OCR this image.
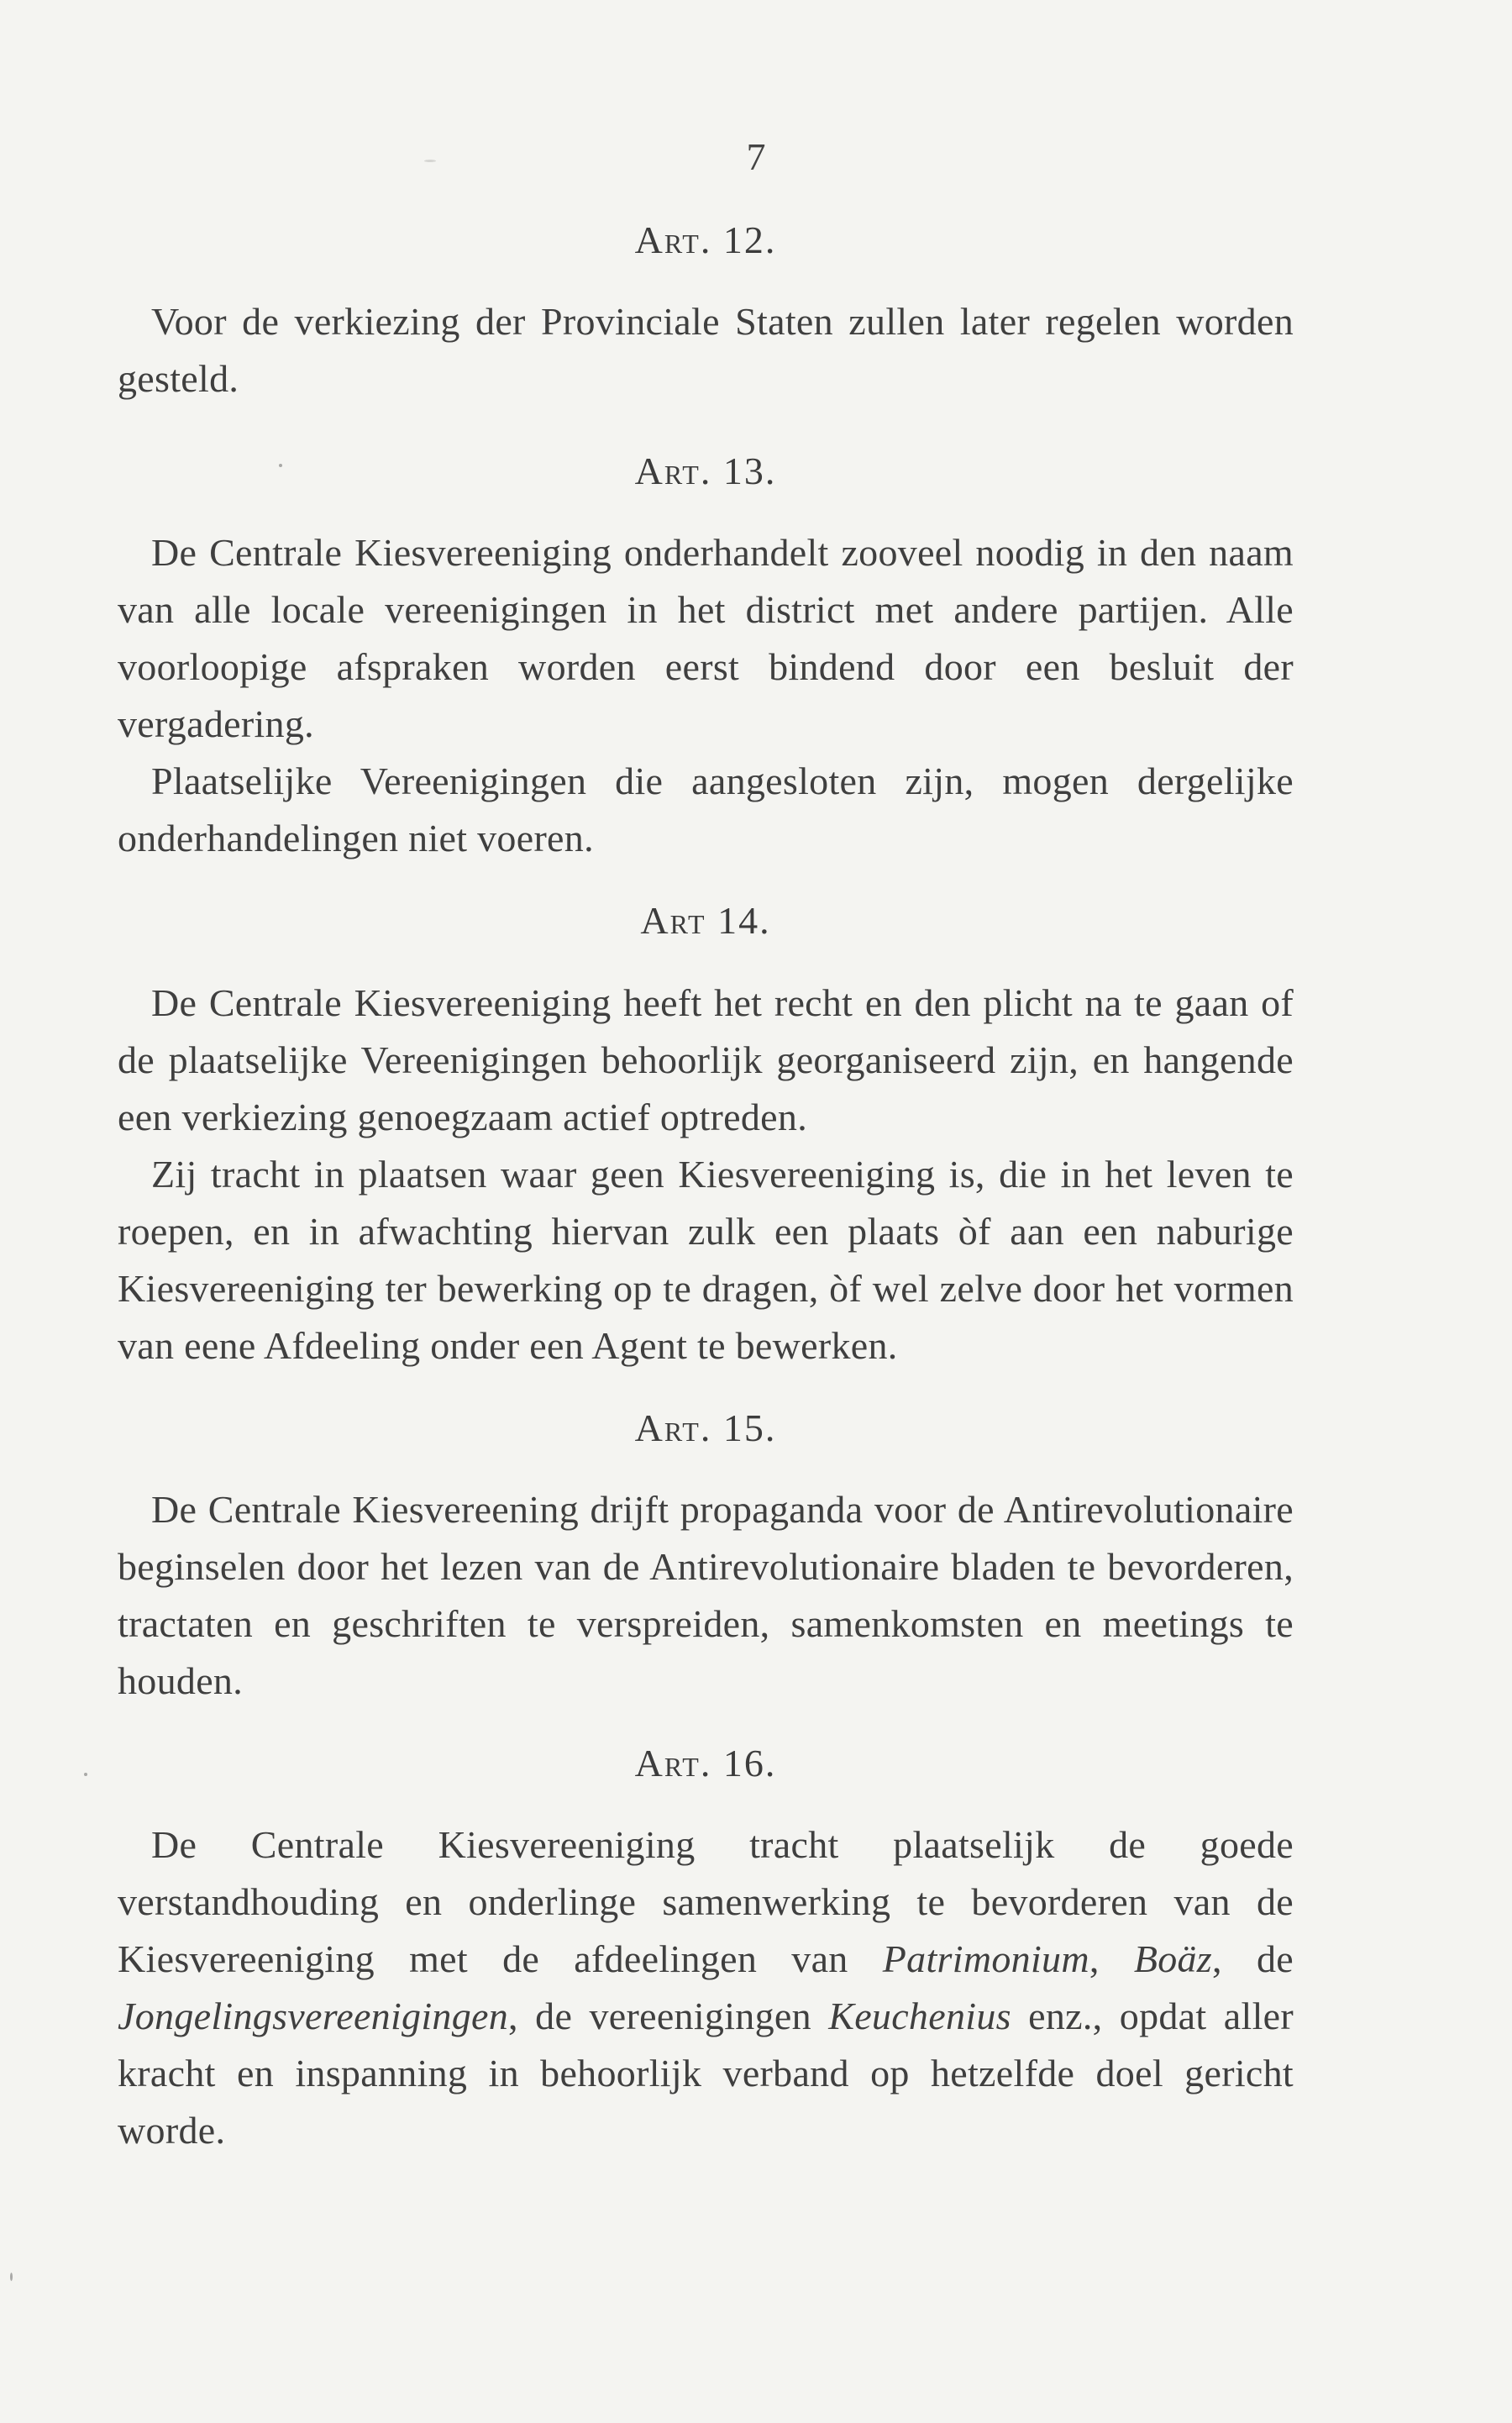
7
Art. 12.

Voor de verkiezing der Provinciale Staten zullen later regelen worden gesteld.

Art. 13.

De Centrale Kiesvereeniging onderhandelt zooveel noodig in den naam van alle locale vereenigingen in het district met andere partijen. Alle voorloopige afspraken worden eerst bindend door een besluit der vergadering.

Plaatselijke Vereenigingen die aangesloten zijn, mogen dergelijke onderhandelingen niet voeren.

Art 14.

De Centrale Kiesvereeniging heeft het recht en den plicht na te gaan of de plaatselijke Vereenigingen behoorlijk georganiseerd zijn, en hangende een verkiezing genoegzaam actief optreden.

Zij tracht in plaatsen waar geen Kiesvereeniging is, die in het leven te roepen, en in afwachting hiervan zulk een plaats òf aan een naburige Kiesvereeniging ter bewerking op te dragen, òf wel zelve door het vormen van eene Afdeeling onder een Agent te bewerken.

Art. 15.

De Centrale Kiesvereening drijft propaganda voor de Antirevolutionaire beginselen door het lezen van de Antirevolutionaire bladen te bevorderen, tractaten en geschriften te verspreiden, samenkomsten en meetings te houden.

Art. 16.

De Centrale Kiesvereeniging tracht plaatselijk de goede verstandhouding en onderlinge samenwerking te bevorderen van de Kiesvereeniging met de afdeelingen van Patrimonium, Boäz, de Jongelingsvereenigingen, de vereenigingen Keuchenius enz., opdat aller kracht en inspanning in behoorlijk verband op hetzelfde doel gericht worde.
